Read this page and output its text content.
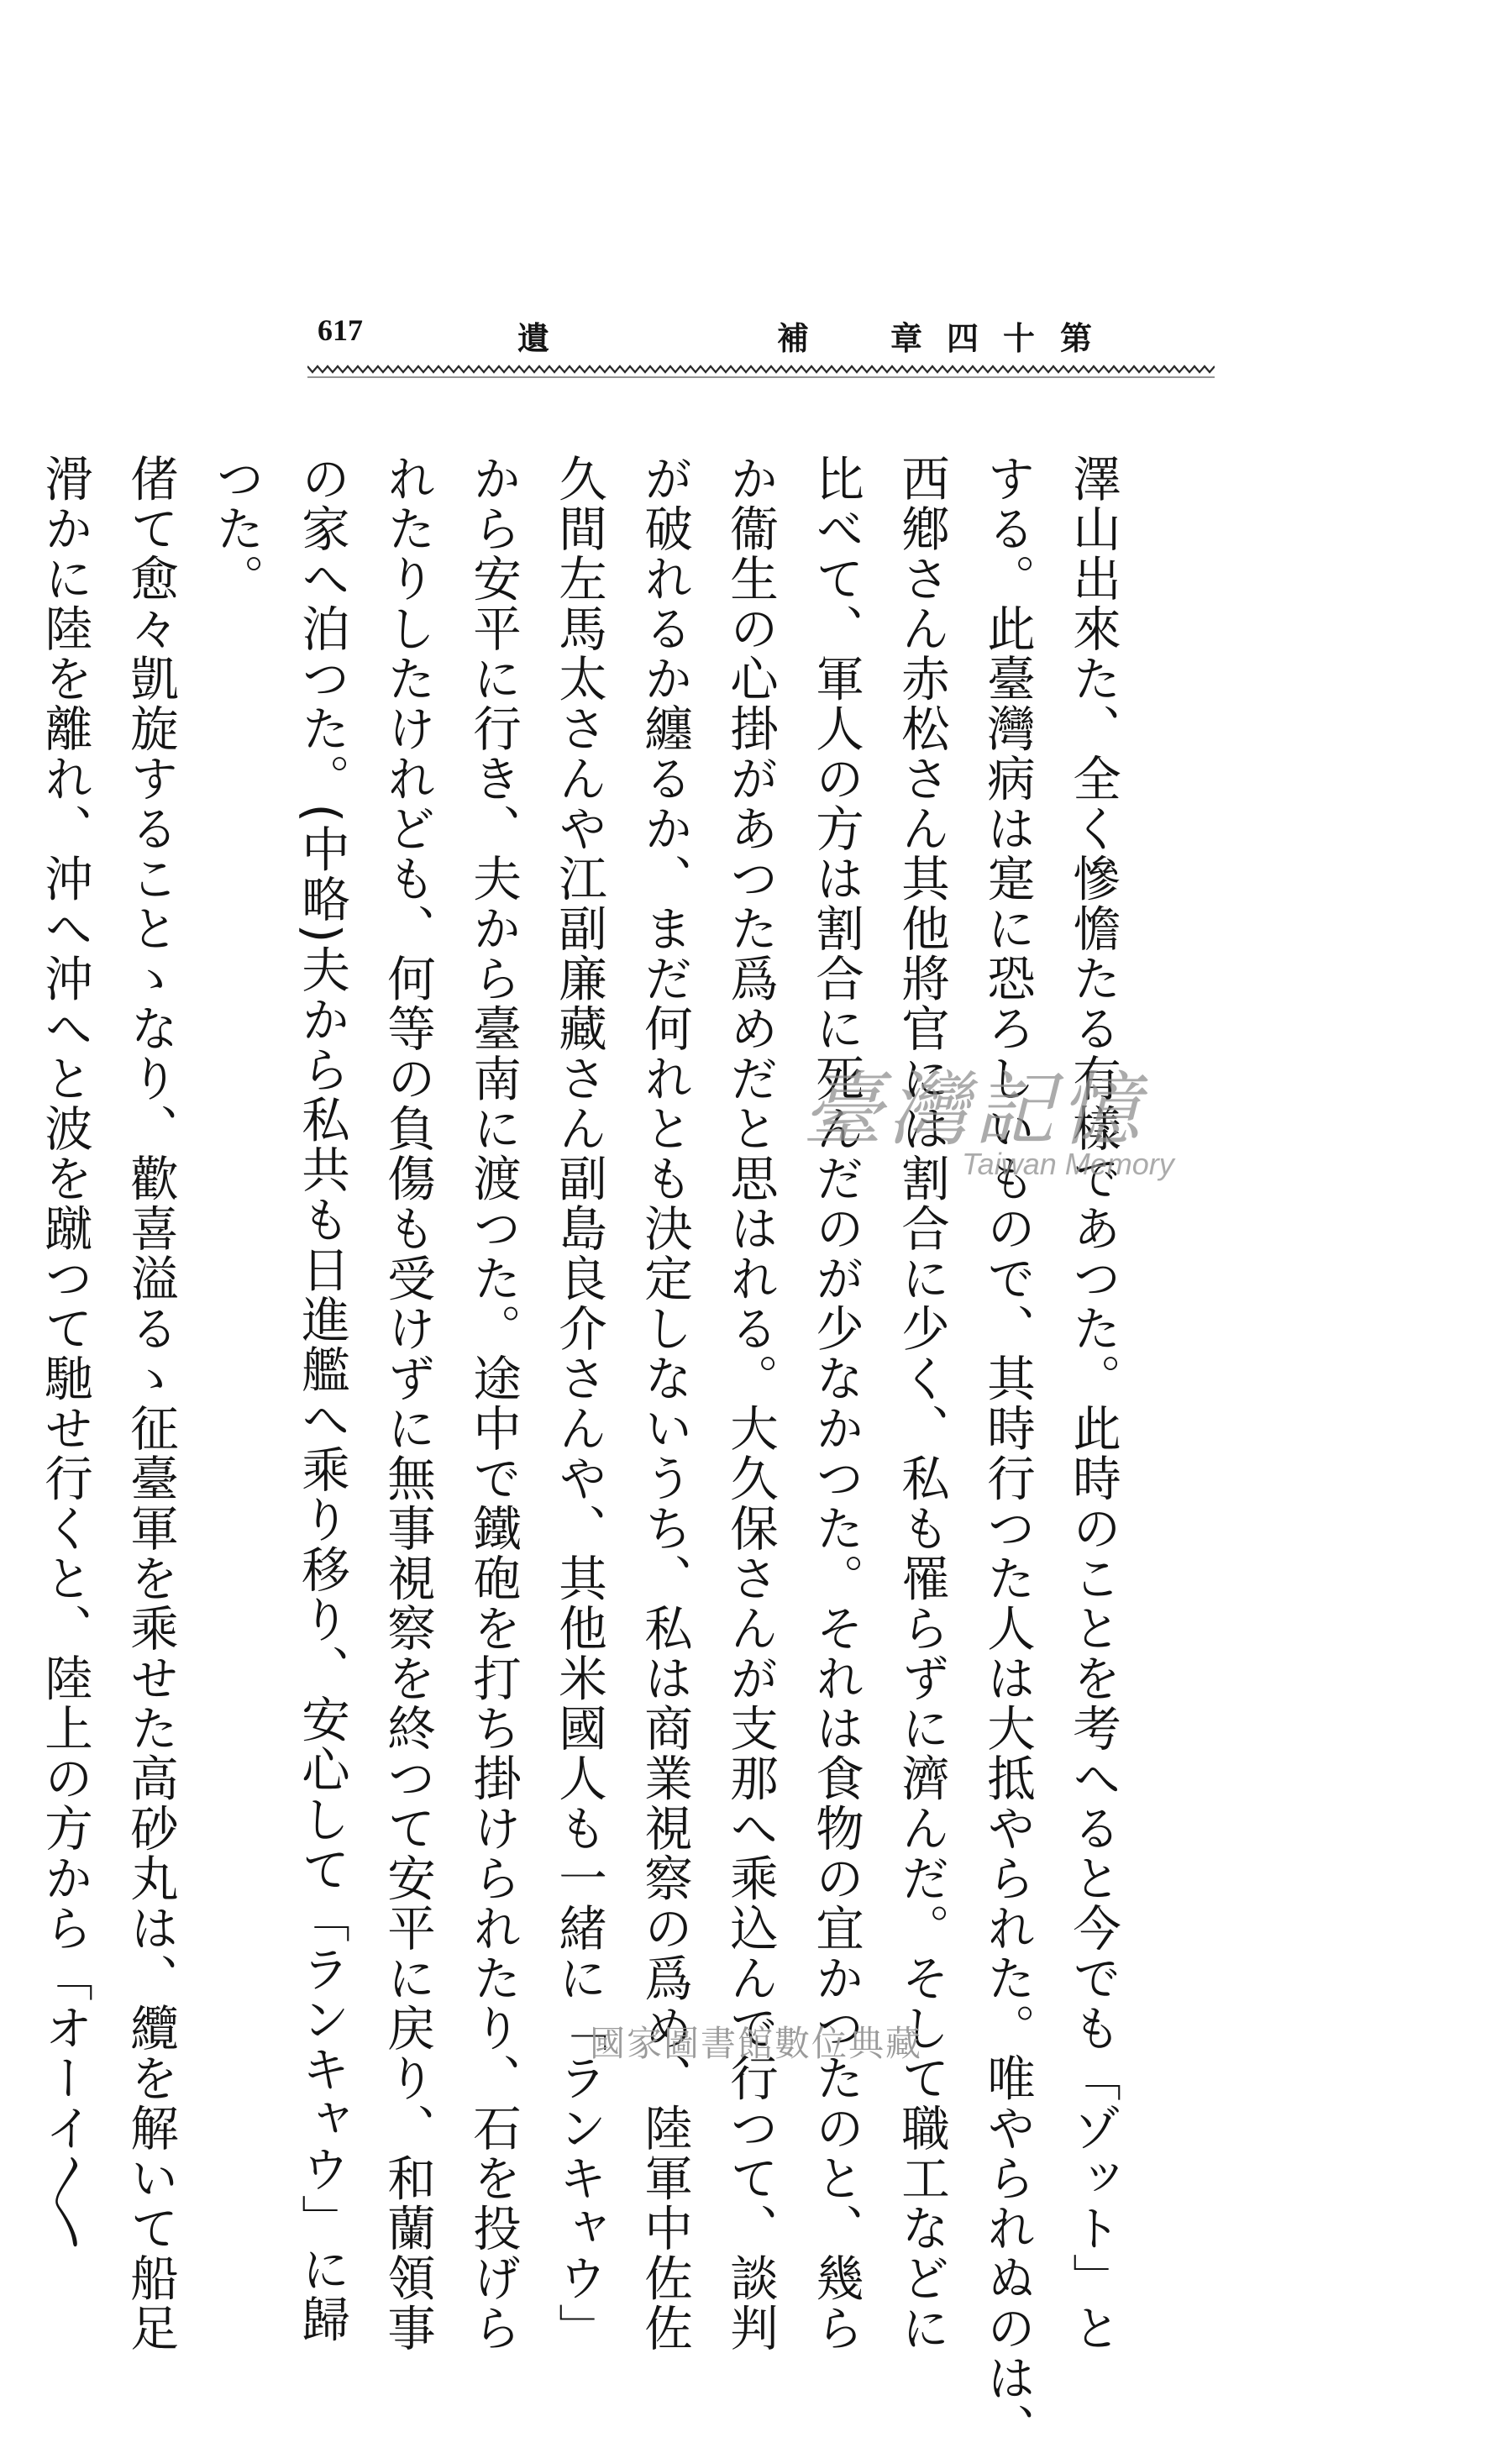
617	遺	補	章 四 十 第
澤山出來た、全く慘憺たる有樣であつた。此時のことを考へると今でも「ゾット」と
する。此臺灣病は寔に恐ろしいもので、其時行つた人は大抵やられた。唯やられぬのは、
西鄕さん赤松さん其他將官には割合に少く、私も罹らずに濟んだ。そして職工などに
比べて、軍人の方は割合に死んだのが少なかつた。それは食物の宜かつたのと、幾ら
か衞生の心掛があつた爲めだと思はれる。大久保さんが支那へ乘込んで行つて、談判
が破れるか纏るか、まだ何れとも決定しないうち、私は商業視察の爲め、陸軍中佐佐
久間左馬太さんや江副廉藏さん副島良介さんや、其他米國人も一緒に「ランキャウ」
から安平に行き、夫から臺南に渡つた。途中で鐵砲を打ち掛けられたり、石を投げら
れたりしたけれども、何等の負傷も受けずに無事視察を終つて安平に戻り、和蘭領事
の家へ泊つた。(中略)夫から私共も日進艦へ乘り移り、安心して「ランキャウ」に歸
つた。
偖て愈々凱旋することゝなり、歡喜溢るゝ征臺軍を乘せた高砂丸は、纜を解いて船足
滑かに陸を離れ、沖へ沖へと波を蹴つて馳せ行くと、陸上の方から「オーイ〳〵	臺灣記憶
Taiwan Memory
國家圖書館數位典藏
